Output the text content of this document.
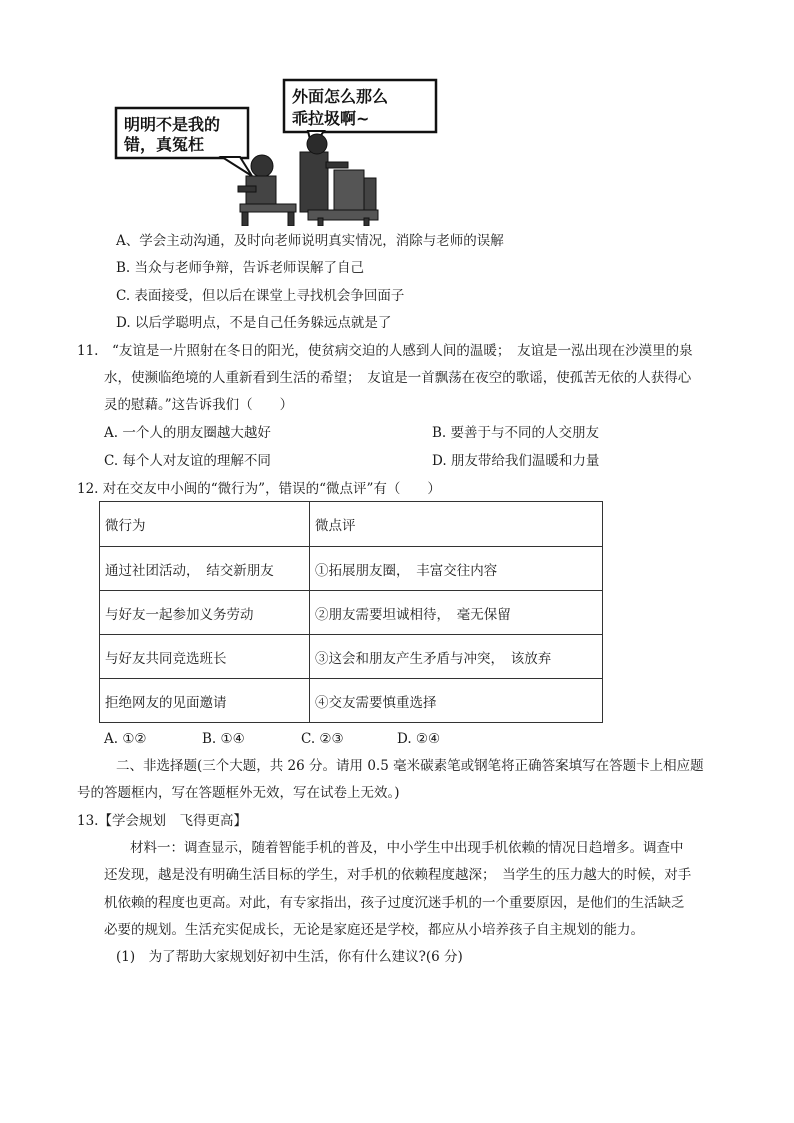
明明不是我的
错，真冤枉
外面怎么那么
乖拉圾啊~
A、学会主动沟通，及时向老师说明真实情况，消除与老师的误解
B. 当众与老师争辩，告诉老师误解了自己
C. 表面接受，但以后在课堂上寻找机会争回面子
D. 以后学聪明点，不是自己任务躲远点就是了
11.　“友谊是一片照射在冬日的阳光，使贫病交迫的人感到人间的温暖；　友谊是一泓出现在沙漠里的泉
水，使濒临绝境的人重新看到生活的希望；　友谊是一首飘荡在夜空的歌谣，使孤苦无依的人获得心
灵的慰藉。”这告诉我们（　　）
A. 一个人的朋友圈越大越好	B. 要善于与不同的人交朋友
C. 每个人对友谊的理解不同	D. 朋友带给我们温暖和力量
12. 对在交友中小闽的“微行为”，错误的“微点评”有（　　）
微行为	微点评
通过社团活动，　结交新朋友	①拓展朋友圈，　丰富交往内容
与好友一起参加义务劳动	②朋友需要坦诚相待，　毫无保留
与好友共同竞选班长	③这会和朋友产生矛盾与冲突，　该放弃
拒绝网友的见面邀请	④交友需要慎重选择
A. ①②	B. ①④	C. ②③	D. ②④
二、非选择题(三个大题，共 26 分。请用 0.5 毫米碳素笔或钢笔将正确答案填写在答题卡上相应题
号的答题框内，写在答题框外无效，写在试卷上无效。)
13.【学会规划　飞得更高】
材料一：调查显示，随着智能手机的普及，中小学生中出现手机依赖的情况日趋增多。调查中
还发现，越是没有明确生活目标的学生，对手机的依赖程度越深；　当学生的压力越大的时候，对手
机依赖的程度也更高。对此，有专家指出，孩子过度沉迷手机的一个重要原因，是他们的生活缺乏
必要的规划。生活充实促成长，无论是家庭还是学校，都应从小培养孩子自主规划的能力。
(1)　为了帮助大家规划好初中生活，你有什么建议?(6 分)
